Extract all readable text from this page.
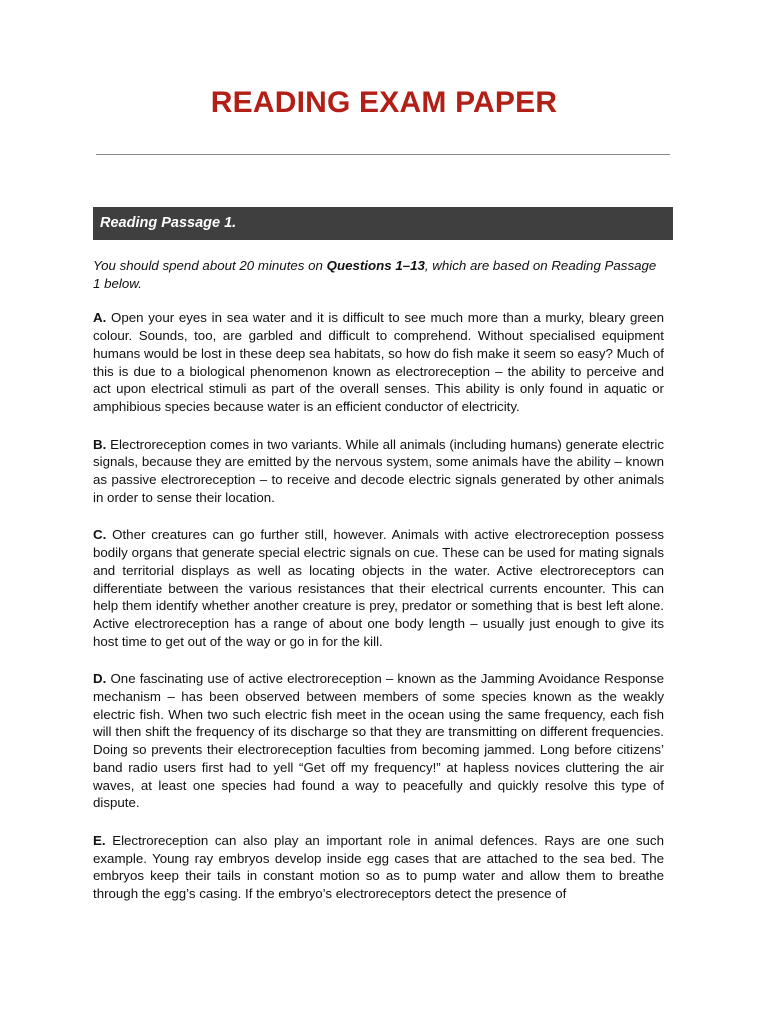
READING EXAM PAPER
Reading Passage 1.

You should spend about 20 minutes on Questions 1–13, which are based on Reading Passage 1 below.

A. Open your eyes in sea water and it is difficult to see much more than a murky, bleary green colour. Sounds, too, are garbled and difficult to comprehend. Without specialised equipment humans would be lost in these deep sea habitats, so how do fish make it seem so easy? Much of this is due to a biological phenomenon known as electroreception – the ability to perceive and act upon electrical stimuli as part of the overall senses. This ability is only found in aquatic or amphibious species because water is an efficient conductor of electricity.

B. Electroreception comes in two variants. While all animals (including humans) generate electric signals, because they are emitted by the nervous system, some animals have the ability – known as passive electroreception – to receive and decode electric signals generated by other animals in order to sense their location.

C. Other creatures can go further still, however. Animals with active electroreception possess bodily organs that generate special electric signals on cue. These can be used for mating signals and territorial displays as well as locating objects in the water. Active electroreceptors can differentiate between the various resistances that their electrical currents encounter. This can help them identify whether another creature is prey, predator or something that is best left alone. Active electroreception has a range of about one body length – usually just enough to give its host time to get out of the way or go in for the kill.

D. One fascinating use of active electroreception – known as the Jamming Avoidance Response mechanism – has been observed between members of some species known as the weakly electric fish. When two such electric fish meet in the ocean using the same frequency, each fish will then shift the frequency of its discharge so that they are transmitting on different frequencies. Doing so prevents their electroreception faculties from becoming jammed. Long before citizens’ band radio users first had to yell “Get off my frequency!” at hapless novices cluttering the air waves, at least one species had found a way to peacefully and quickly resolve this type of dispute.

E. Electroreception can also play an important role in animal defences. Rays are one such example. Young ray embryos develop inside egg cases that are attached to the sea bed. The embryos keep their tails in constant motion so as to pump water and allow them to breathe through the egg’s casing. If the embryo’s electroreceptors detect the presence of
